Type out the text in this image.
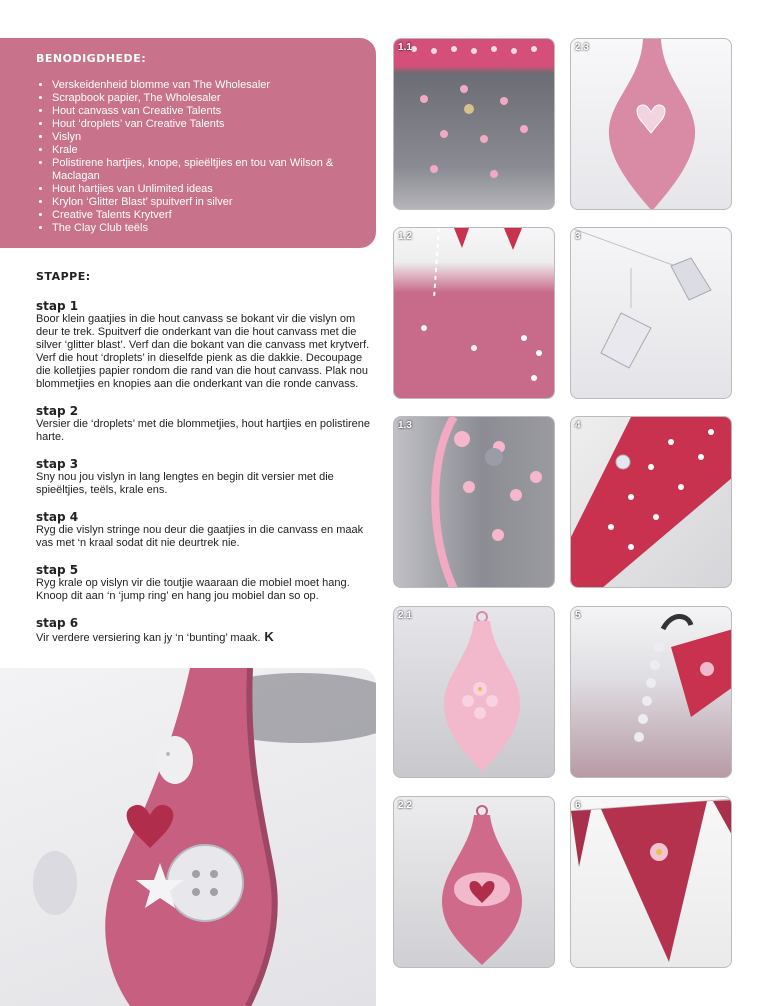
BENODIGDHEDE:
• Verskeidenheid blomme van The Wholesaler
• Scrapbook papier, The Wholesaler
• Hout canvass van Creative Talents
• Hout ‘droplets’ van Creative Talents
• Vislyn
• Krale
• Polistirene hartjies, knope, spieëltjies en tou van Wilson & Maclagan
• Hout hartjies van Unlimited ideas
• Krylon ‘Glitter Blast’ spuitverf in silver
• Creative Talents Krytverf
• The Clay Club teëls
STAPPE:
stap 1
Boor klein gaatjies in die hout canvass se bokant vir die vislyn om deur te trek. Spuitverf die onderkant van die hout canvass met die silver ‘glitter blast’. Verf dan die bokant van die canvass met krytverf. Verf die hout ‘droplets’ in dieselfde pienk as die dakkie. Decoupage die kolletjies papier rondom die rand van die hout canvass. Plak nou blommetjies en knopies aan die onderkant van die ronde canvass.
stap 2
Versier die ‘droplets’ met die blommetjies, hout hartjies en polistirene harte.
stap 3
Sny nou jou vislyn in lang lengtes en begin dit versier met die spieëltjies, teëls, krale ens.
stap 4
Ryg die vislyn stringe nou deur die gaatjies in die canvass en maak vas met ‘n kraal sodat dit nie deurtrek nie.
stap 5
Ryg krale op vislyn vir die toutjie waaraan die mobiel moet hang. Knoop dit aan ‘n ‘jump ring’ en hang jou mobiel dan so op.
stap 6
Vir verdere versiering kan jy ‘n ‘bunting’ maak. K
1.1	2.3
1.2	3
1.3	4
2.1	5
2.2	6
